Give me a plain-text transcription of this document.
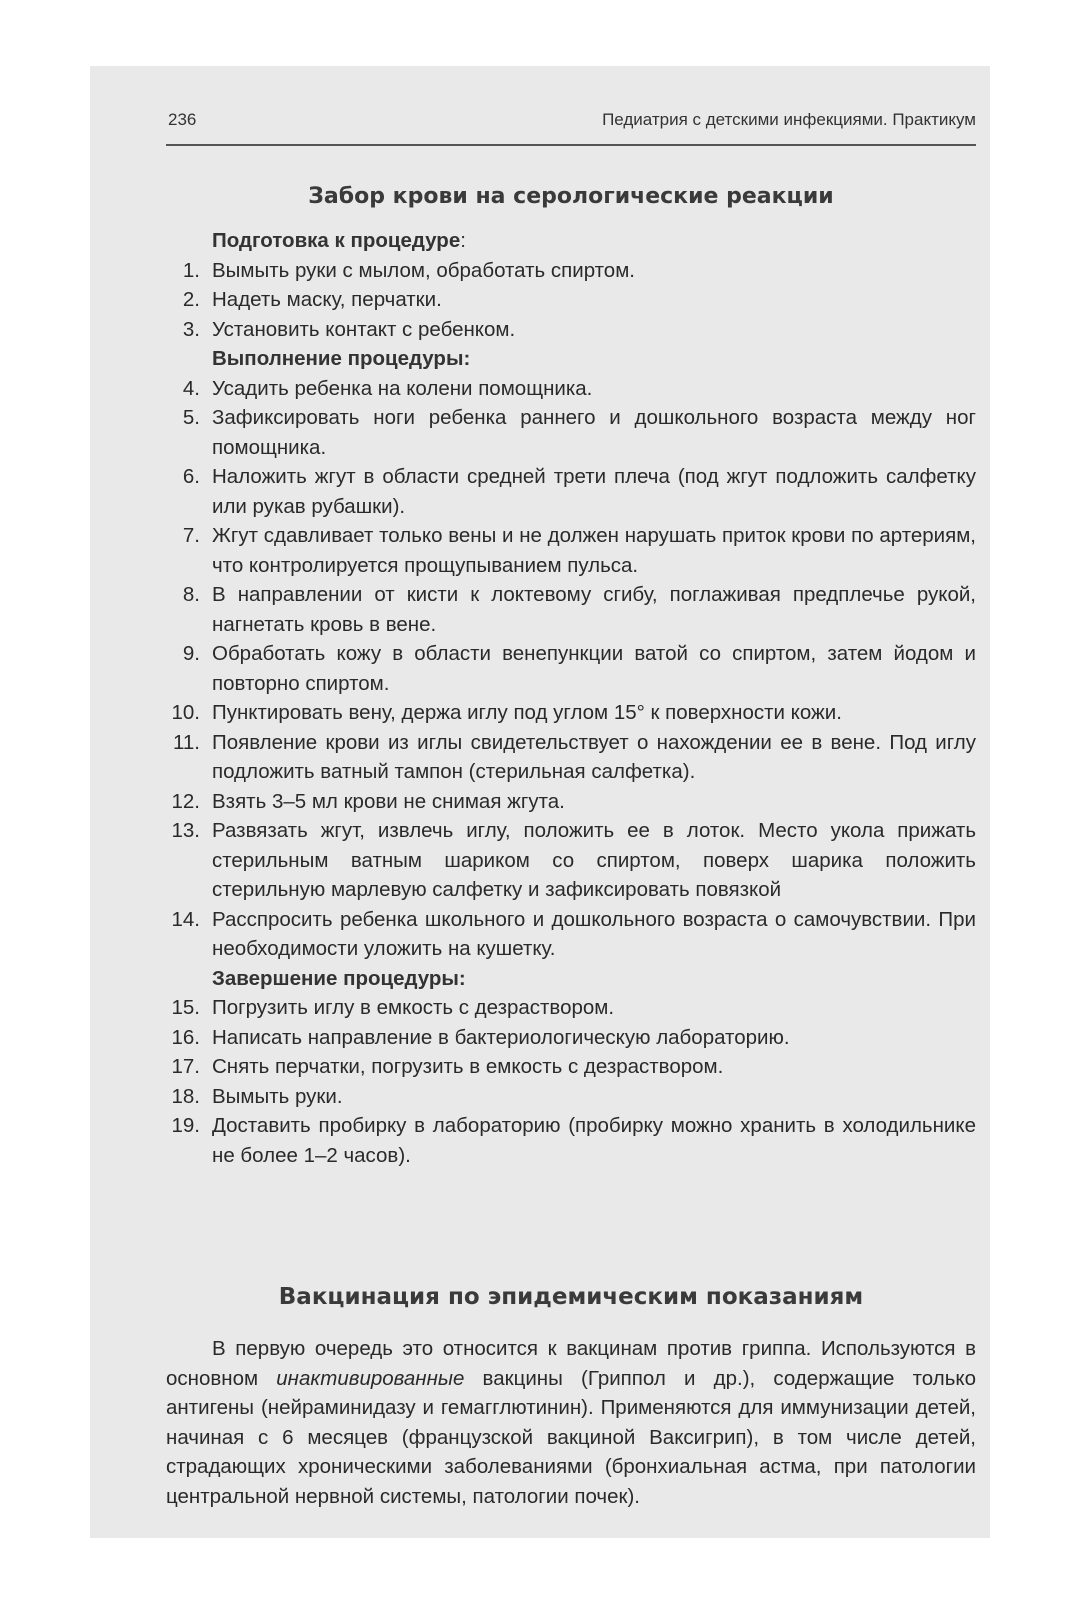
236	Педиатрия с детскими инфекциями. Практикум
Забор крови на серологические реакции
Подготовка к процедуре:
1. Вымыть руки с мылом, обработать спиртом.
2. Надеть маску, перчатки.
3. Установить контакт с ребенком.
Выполнение процедуры:
4. Усадить ребенка на колени помощника.
5. Зафиксировать ноги ребенка раннего и дошкольного возраста между ног помощника.
6. Наложить жгут в области средней трети плеча (под жгут подложить салфетку или рукав рубашки).
7. Жгут сдавливает только вены и не должен нарушать приток крови по артериям, что контролируется прощупыванием пульса.
8. В направлении от кисти к локтевому сгибу, поглаживая предплечье рукой, нагнетать кровь в вене.
9. Обработать кожу в области венепункции ватой со спиртом, затем йодом и повторно спиртом.
10. Пунктировать вену, держа иглу под углом 15° к поверхности кожи.
11. Появление крови из иглы свидетельствует о нахождении ее в вене. Под иглу подложить ватный тампон (стерильная салфетка).
12. Взять 3–5 мл крови не снимая жгута.
13. Развязать жгут, извлечь иглу, положить ее в лоток. Место укола прижать стерильным ватным шариком со спиртом, поверх шарика положить стерильную марлевую салфетку и зафиксировать повязкой
14. Расспросить ребенка школьного и дошкольного возраста о самочувствии. При необходимости уложить на кушетку.
Завершение процедуры:
15. Погрузить иглу в емкость с дезраствором.
16. Написать направление в бактериологическую лабораторию.
17. Снять перчатки, погрузить в емкость с дезраствором.
18. Вымыть руки.
19. Доставить пробирку в лабораторию (пробирку можно хранить в холодильнике не более 1–2 часов).
Вакцинация по эпидемическим показаниям
В первую очередь это относится к вакцинам против гриппа. Используются в основном инактивированные вакцины (Гриппол и др.), содержащие только антигены (нейраминидазу и гемагглютинин). Применяются для иммунизации детей, начиная с 6 месяцев (французской вакциной Ваксигрип), в том числе детей, страдающих хроническими заболеваниями (бронхиальная астма, при патологии центральной нервной системы, патологии почек).
